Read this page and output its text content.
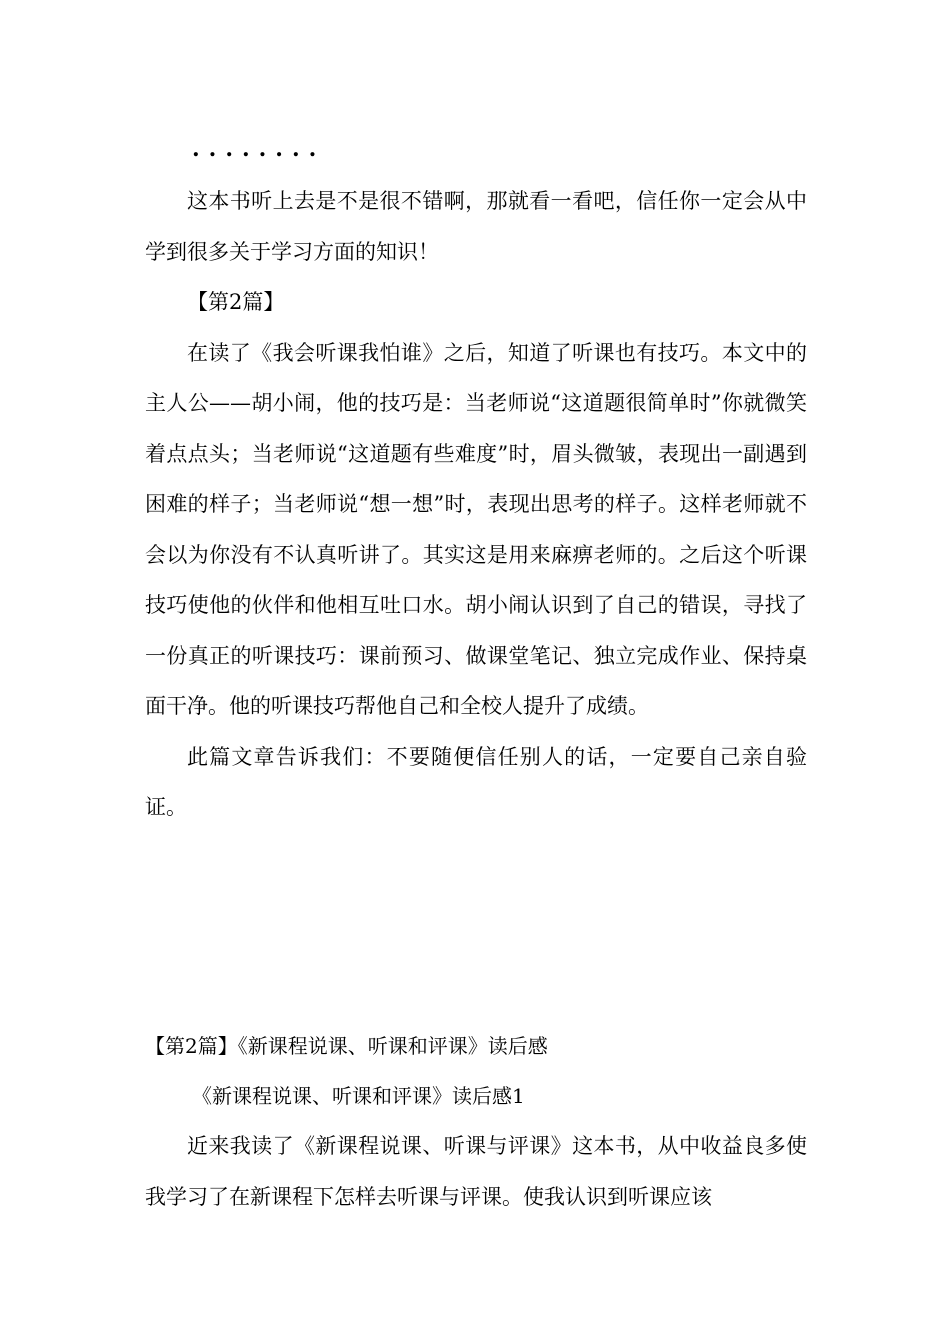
........

这本书听上去是不是很不错啊，那就看一看吧，信任你一定会从中学到很多关于学习方面的知识！

【第2篇】

在读了《我会听课我怕谁》之后，知道了听课也有技巧。本文中的主人公——胡小闹，他的技巧是：当老师说“这道题很简单时”你就微笑着点点头；当老师说“这道题有些难度”时，眉头微皱，表现出一副遇到困难的样子；当老师说“想一想”时，表现出思考的样子。这样老师就不会以为你没有不认真听讲了。其实这是用来麻痹老师的。之后这个听课技巧使他的伙伴和他相互吐口水。胡小闹认识到了自己的错误，寻找了一份真正的听课技巧：课前预习、做课堂笔记、独立完成作业、保持桌面干净。他的听课技巧帮他自己和全校人提升了成绩。

此篇文章告诉我们：不要随便信任别人的话，一定要自己亲自验证。

【第2篇】《新课程说课、听课和评课》读后感
《新课程说课、听课和评课》读后感1

近来我读了《新课程说课、听课与评课》这本书，从中收益良多使我学习了在新课程下怎样去听课与评课。使我认识到听课应该
